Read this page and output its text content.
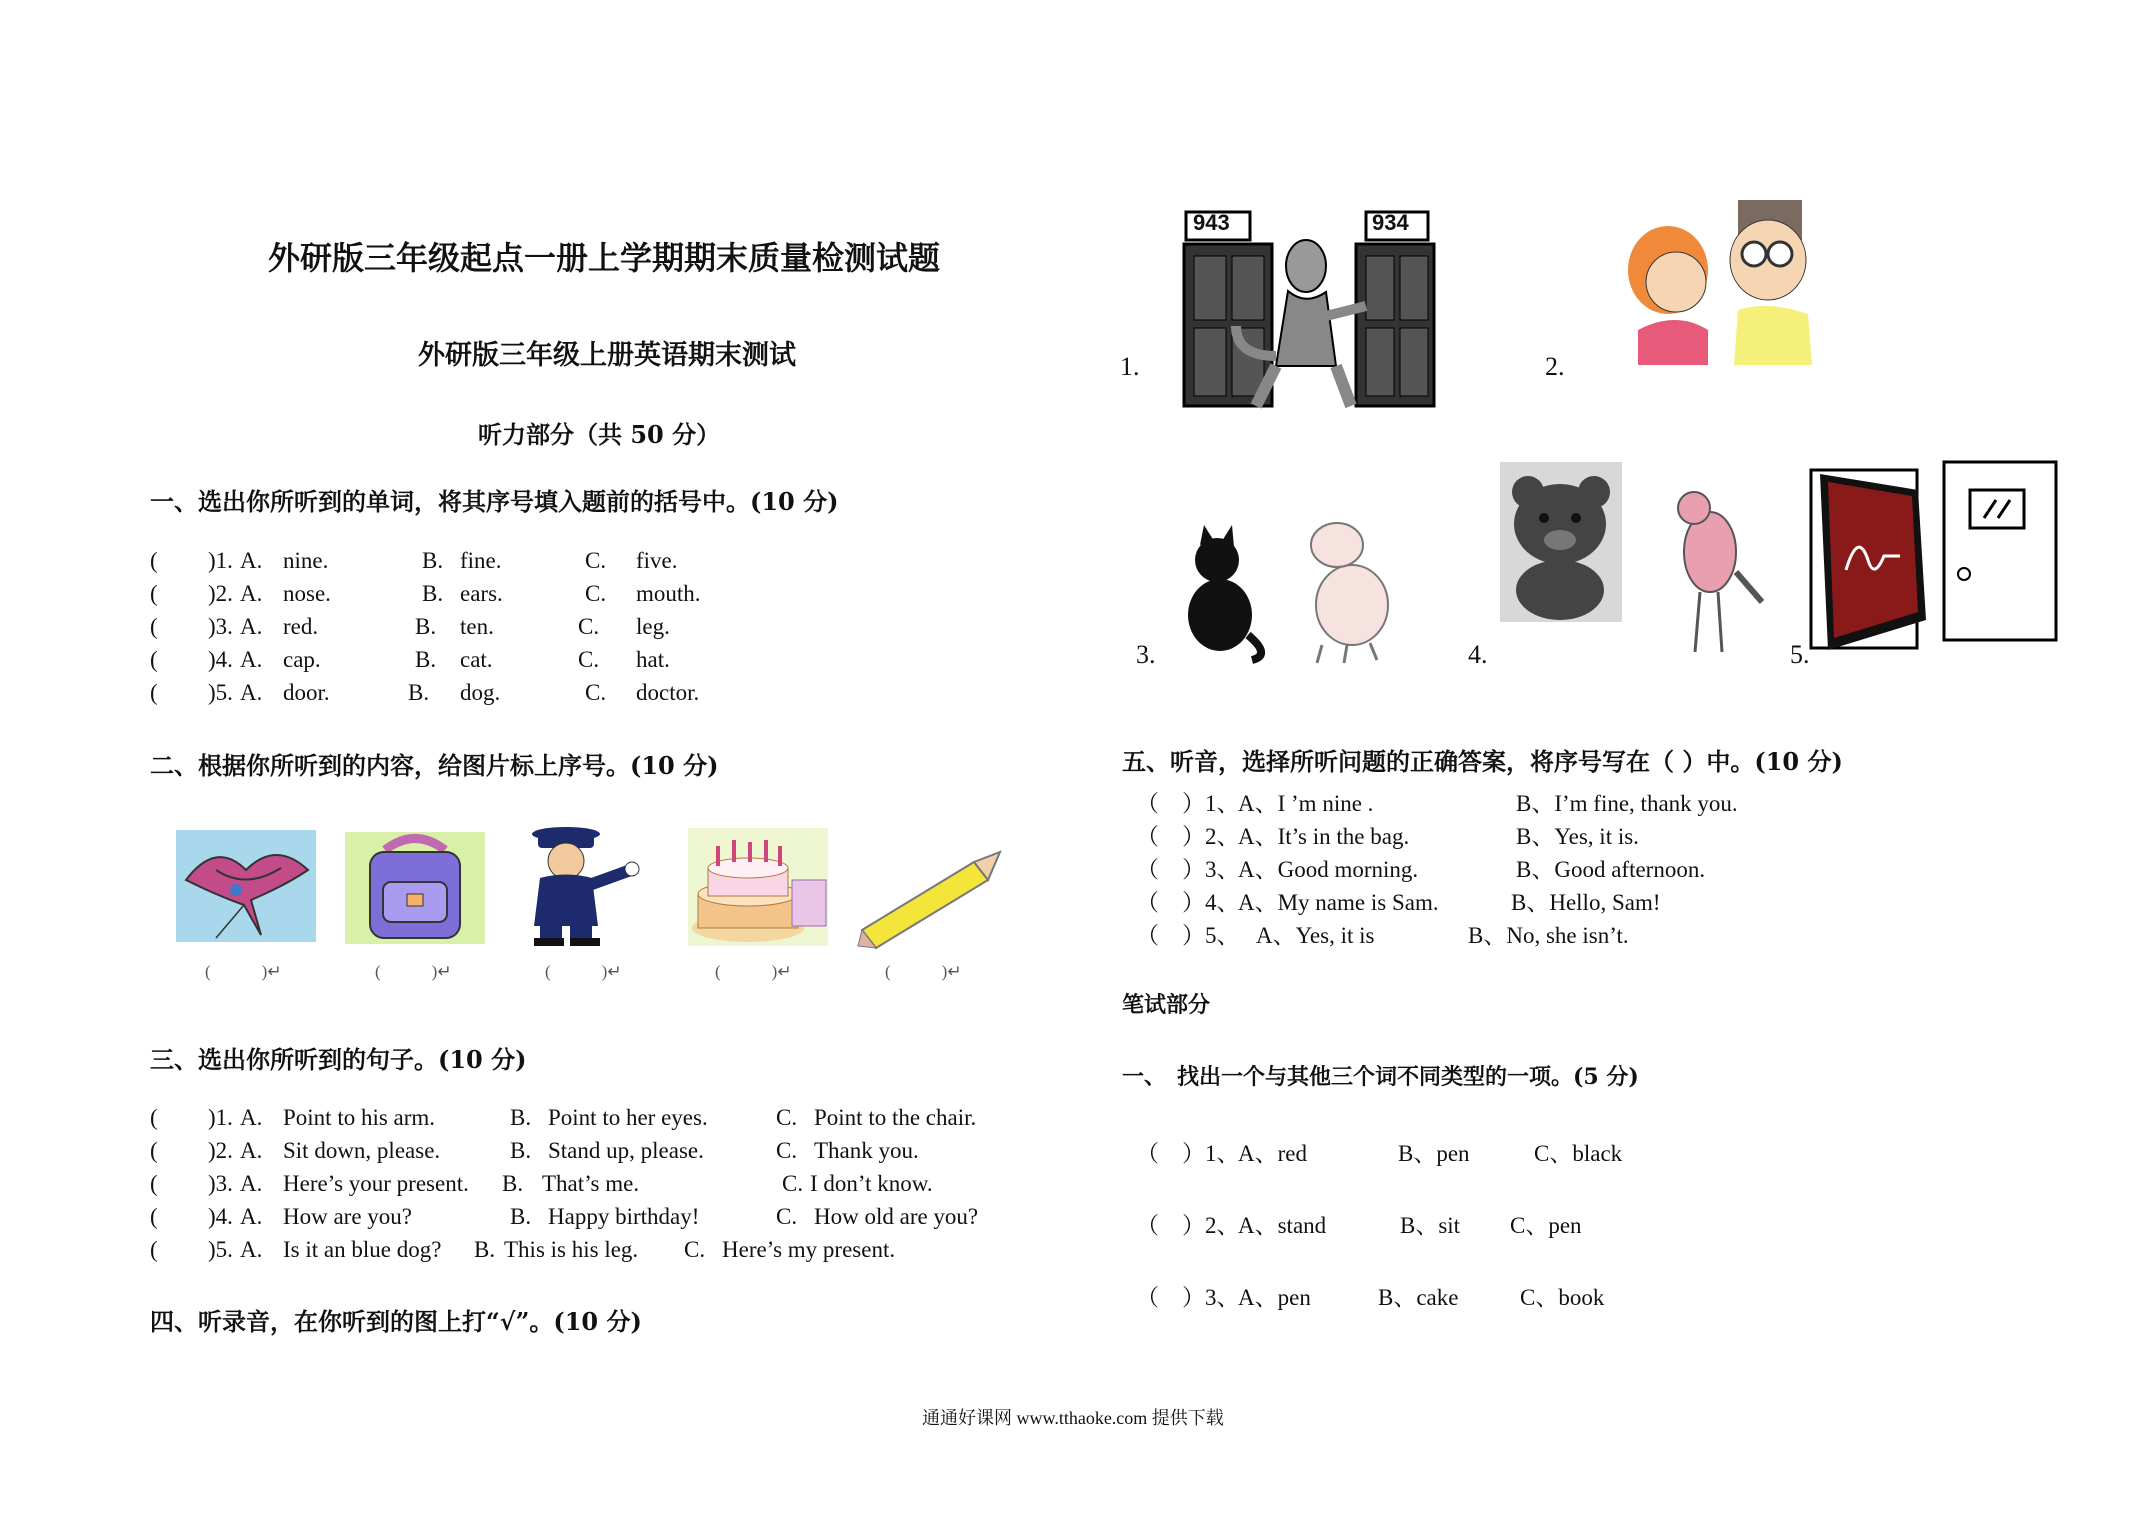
外研版三年级起点一册上学期期末质量检测试题
外研版三年级上册英语期末测试
听力部分（共 50 分）
一、选出你所听到的单词，将其序号填入题前的括号中。(10 分)
( )1. A. nine.	B. fine.	C. five.
( )2. A. nose.	B. ears.	C. mouth.
( )3. A. red.	B. ten.	C. leg.
( )4. A. cap.	B. cat.	C. hat.
( )5. A. door.	B. dog.	C. doctor.
二、根据你所听到的内容，给图片标上序号。(10 分)
(　　　)↵	(　　　)↵	(　　　)↵	(　　　)↵	(　　　)↵
三、选出你所听到的句子。(10 分)
( )1. A. Point to his arm.	B. Point to her eyes.	C. Point to the chair.
( )2. A. Sit down, please.	B. Stand up, please.	C. Thank you.
( )3. A. Here’s your present. B. That’s me.	C. I don’t know.
( )4. A. How are you?	B. Happy birthday!	C. How old are you?
( )5. A. Is it an blue dog? B. This is his leg. C. Here’s my present.
四、听录音，在你听到的图上打“√”。(10 分)
1.
943	934
2.
3.	4.	5.
五、听音，选择所听问题的正确答案，将序号写在（ ）中。(10 分)
（　）1、
A、I ’m nine .	B、I’m fine, thank you.
（　）2、
A、It’s in the bag.	B、Yes, it is.
（　）3、
A、Good morning.	B、Good afternoon.
（　）4、
A、My name is Sam.	B、Hello, Sam!
（　）5、 A、Yes, it is	B、No, she isn’t.
笔试部分
一、　找出一个与其他三个词不同类型的一项。(5 分)
（　）1、
A、red	B、pen	C、black
（　）2、
A、stand	B、sit C、pen
（　）3、
A、pen	B、cake	C、book
通通好课网 www.tthaoke.com 提供下载
